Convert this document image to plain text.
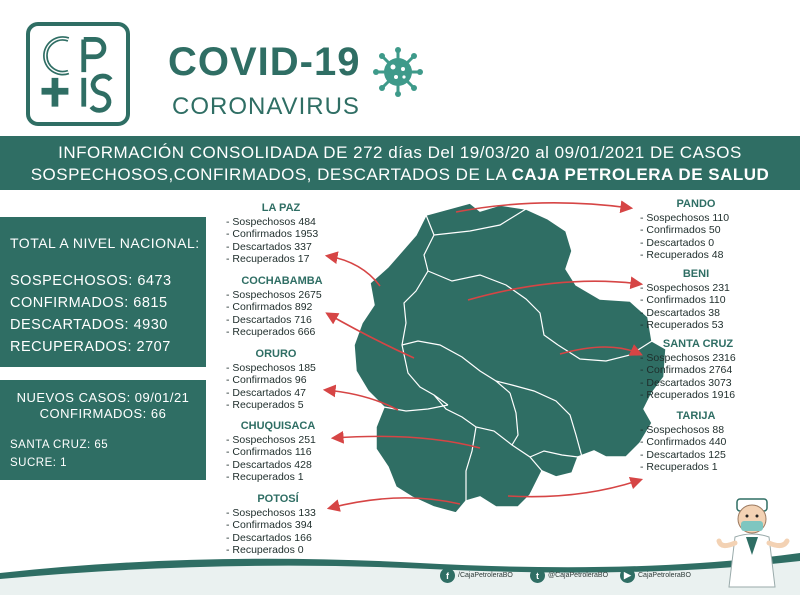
COVID-19
CORONAVIRUS
INFORMACIÓN CONSOLIDADA DE 272 días Del 19/03/20 al 09/01/2021 DE CASOS
SOSPECHOSOS,CONFIRMADOS, DESCARTADOS DE LA CAJA PETROLERA DE SALUD
TOTAL A NIVEL NACIONAL:
SOSPECHOSOS: 6473
CONFIRMADOS: 6815
DESCARTADOS: 4930
RECUPERADOS: 2707
NUEVOS CASOS: 09/01/21
CONFIRMADOS: 66
SANTA CRUZ: 65
SUCRE: 1
LA PAZ
- Sospechosos 484
- Confirmados 1953
- Descartados 337
- Recuperados 17
COCHABAMBA
- Sospechosos 2675
- Confirmados 892
- Descartados 716
- Recuperados 666
ORURO
- Sospechosos 185
- Confirmados 96
- Descartados 47
- Recuperados 5
CHUQUISACA
- Sospechosos 251
- Confirmados 116
- Descartados 428
- Recuperados 1
POTOSÍ
- Sospechosos 133
- Confirmados 394
- Descartados 166
- Recuperados 0
PANDO
- Sospechosos 110
- Confirmados 50
- Descartados 0
- Recuperados 48
BENI
- Sospechosos 231
- Confirmados 110
- Descartados 38
- Recuperados 53
SANTA CRUZ
- Sospechosos 2316
- Confirmados 2764
- Descartados 3073
- Recuperados 1916
TARIJA
- Sospechosos 88
- Confirmados 440
- Descartados 125
- Recuperados 1
f	/CajaPetroleraBO	t	@CajaPetroleraBO	▶	CajaPetroleraBO
